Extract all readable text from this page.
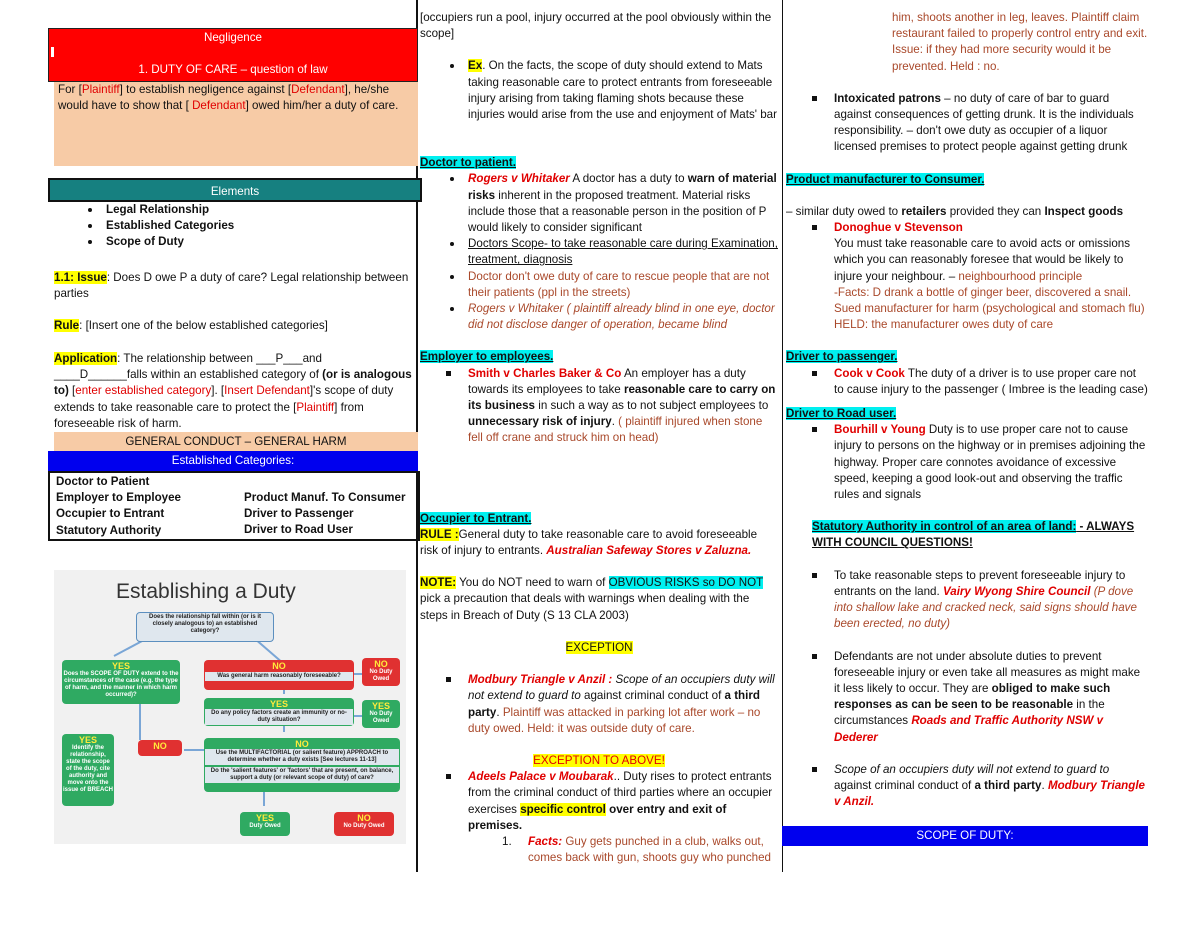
Negligence
1. DUTY OF CARE – question of law
For [Plaintiff] to establish negligence against [Defendant], he/she would have to show that [ Defendant] owed him/her a duty of care.
Elements
Legal Relationship
Established Categories
Scope of Duty
1.1: Issue: Does D owe P a duty of care? Legal relationship between parties
Rule: [Insert one of the below established categories]
Application: The relationship between ___P___and ____D______falls within an established category of (or is analogous to) [enter established category]. [Insert Defendant]'s scope of duty extends to take reasonable care to protect the [Plaintiff] from foreseeable risk of harm.
GENERAL CONDUCT – GENERAL HARM
Established Categories:
Doctor to Patient
Employer to Employee
Occupier to Entrant
Statutory Authority
Product Manuf. To Consumer
Driver to Passenger
Driver to Road User
Establishing a Duty
Does the relationship fall within (or is it closely analogous to) an established category?
YES
Does the SCOPE OF DUTY extend to the circumstances of the case (e.g. the type of harm, and the manner in which harm occurred)?
NO
Was general harm reasonably foreseeable?
NO
No Duty Owed
YES
Do any policy factors create an immunity or no-duty situation?
YES
No Duty Owed
YES
Identify the relationship, state the scope of the duty, cite authority and move onto the issue of BREACH
NO	NO
Use the MULTIFACTORIAL (or salient feature) APPROACH to determine whether a duty exists [See lectures 11-13]
Do the 'salient features' or 'factors' that are present, on balance, support a duty (or relevant scope of duty) of care?
YES
Duty Owed
NO
No Duty Owed
[occupiers run a pool, injury occurred at the pool obviously within the scope]
Ex. On the facts, the scope of duty should extend to Mats taking reasonable care to protect entrants from foreseeable injury arising from taking flaming shots because these injuries would arise from the use and enjoyment of Mats' bar
Doctor to patient.
Rogers v Whitaker A doctor has a duty to warn of material risks inherent in the proposed treatment. Material risks include those that a reasonable person in the position of P would likely to consider significant
Doctors Scope- to take reasonable care during Examination, treatment, diagnosis
Doctor don't owe duty of care to rescue people that are not their patients (ppl in the streets)
Rogers v Whitaker ( plaintiff already blind in one eye, doctor did not disclose danger of operation, became blind
Employer to employees.
Smith v Charles Baker & Co An employer has a duty towards its employees to take reasonable care to carry on its business in such a way as to not subject employees to unnecessary risk of injury. ( plaintiff injured when stone fell off crane and struck him on head)
Occupier to Entrant.
RULE :General duty to take reasonable care to avoid foreseeable risk of injury to entrants. Australian Safeway Stores v Zaluzna.
NOTE: You do NOT need to warn of OBVIOUS RISKS so DO NOT pick a precaution that deals with warnings when dealing with the steps in Breach of Duty (S 13 CLA 2003)
EXCEPTION
Modbury Triangle v Anzil : Scope of an occupiers duty will not extend to guard to against criminal conduct of a third party. Plaintiff was attacked in parking lot after work – no duty owed. Held: it was outside duty of care.
EXCEPTION TO ABOVE!
Adeels Palace v Moubarak.. Duty rises to protect entrants from the criminal conduct of third parties where an occupier exercises specific control over entry and exit of premises.
1. Facts: Guy gets punched in a club, walks out, comes back with gun, shoots guy who punched
him, shoots another in leg, leaves. Plaintiff claim restaurant failed to properly control entry and exit. Issue: if they had more security would it be prevented. Held : no.
Intoxicated patrons – no duty of care of bar to guard against consequences of getting drunk. It is the individuals responsibility. – don't owe duty as occupier of a liquor licensed premises to protect people against getting drunk
Product manufacturer to Consumer.
– similar duty owed to retailers provided they can Inspect goods
Donoghue v Stevenson
You must take reasonable care to avoid acts or omissions which you can reasonably foresee that would be likely to injure your neighbour. – neighbourhood principle
-Facts: D drank a bottle of ginger beer, discovered a snail. Sued manufacturer for harm (psychological and stomach flu) HELD: the manufacturer owes duty of care
Driver to passenger.
Cook v Cook The duty of a driver is to use proper care not to cause injury to the passenger ( Imbree is the leading case)
Driver to Road user.
Bourhill v Young Duty is to use proper care not to cause injury to persons on the highway or in premises adjoining the highway. Proper care connotes avoidance of excessive speed, keeping a good look-out and observing the traffic rules and signals
Statutory Authority in control of an area of land: - ALWAYS WITH COUNCIL QUESTIONS!
To take reasonable steps to prevent foreseeable injury to entrants on the land. Vairy Wyong Shire Council (P dove into shallow lake and cracked neck, said signs should have been erected, no duty)
Defendants are not under absolute duties to prevent foreseeable injury or even take all measures as might make it less likely to occur. They are obliged to make such responses as can be seen to be reasonable in the circumstances Roads and Traffic Authority NSW v Dederer
Scope of an occupiers duty will not extend to guard to against criminal conduct of a third party. Modbury Triangle v Anzil.
SCOPE OF DUTY:
